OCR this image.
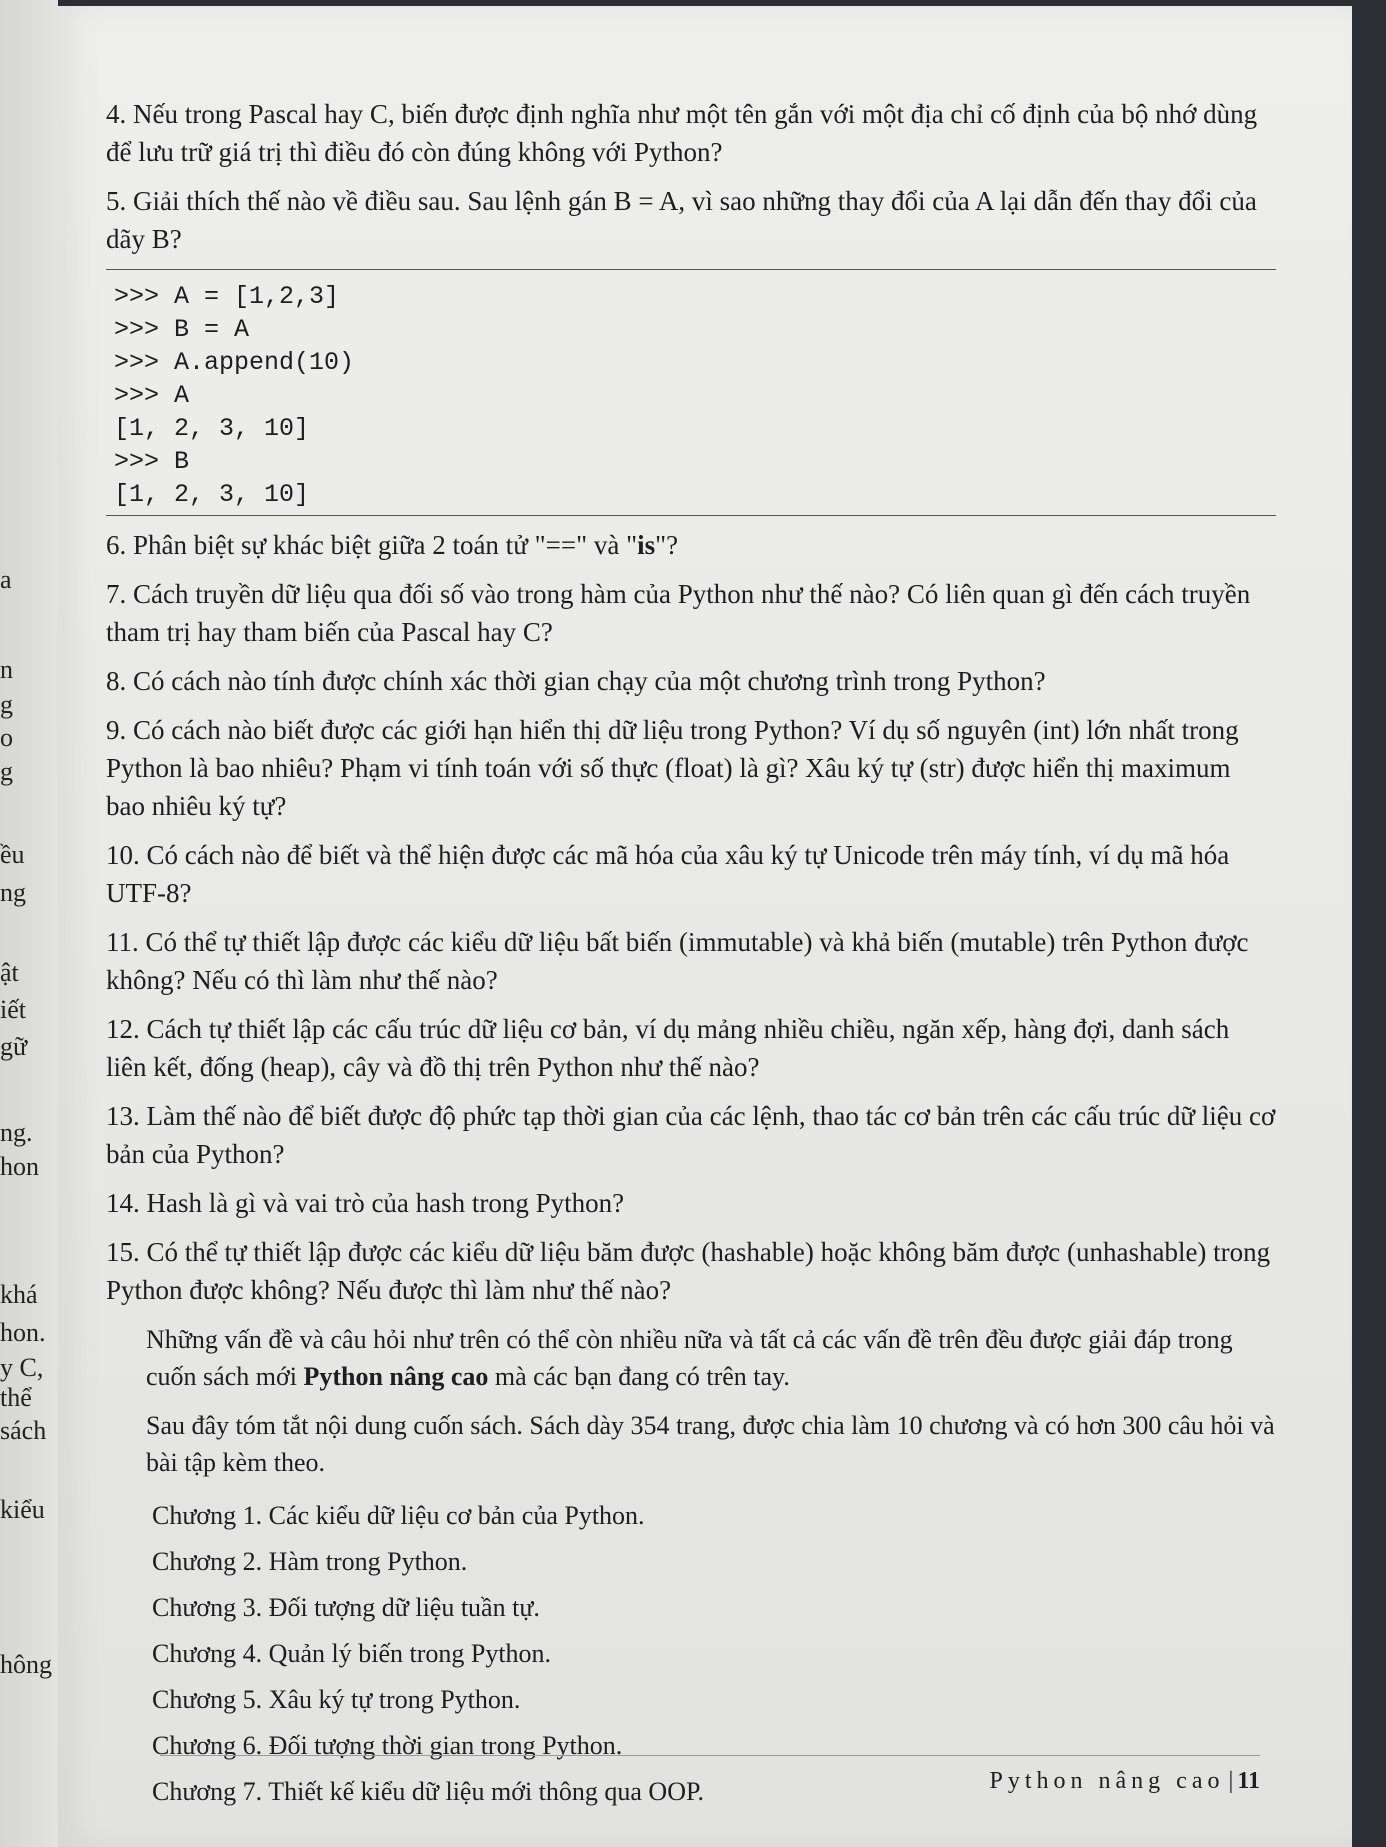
a
n
g
o
g
ều
ng
ật
iết
gữ
ng.
hon
khá
hon.
y C,
thể
sách
kiểu
hông

4. Nếu trong Pascal hay C, biến được định nghĩa như một tên gắn với một địa chỉ cố định của bộ nhớ dùng để lưu trữ giá trị thì điều đó còn đúng không với Python?

5. Giải thích thế nào về điều sau. Sau lệnh gán B = A, vì sao những thay đổi của A lại dẫn đến thay đổi của dãy B?

>>> A = [1,2,3]
>>> B = A
>>> A.append(10)
>>> A
[1, 2, 3, 10]
>>> B
[1, 2, 3, 10]

6. Phân biệt sự khác biệt giữa 2 toán tử "==" và "is"?

7. Cách truyền dữ liệu qua đối số vào trong hàm của Python như thế nào? Có liên quan gì đến cách truyền tham trị hay tham biến của Pascal hay C?

8. Có cách nào tính được chính xác thời gian chạy của một chương trình trong Python?

9. Có cách nào biết được các giới hạn hiển thị dữ liệu trong Python? Ví dụ số nguyên (int) lớn nhất trong Python là bao nhiêu? Phạm vi tính toán với số thực (float) là gì? Xâu ký tự (str) được hiển thị maximum bao nhiêu ký tự?

10. Có cách nào để biết và thể hiện được các mã hóa của xâu ký tự Unicode trên máy tính, ví dụ mã hóa UTF-8?

11. Có thể tự thiết lập được các kiểu dữ liệu bất biến (immutable) và khả biến (mutable) trên Python được không? Nếu có thì làm như thế nào?

12. Cách tự thiết lập các cấu trúc dữ liệu cơ bản, ví dụ mảng nhiều chiều, ngăn xếp, hàng đợi, danh sách liên kết, đống (heap), cây và đồ thị trên Python như thế nào?

13. Làm thế nào để biết được độ phức tạp thời gian của các lệnh, thao tác cơ bản trên các cấu trúc dữ liệu cơ bản của Python?

14. Hash là gì và vai trò của hash trong Python?

15. Có thể tự thiết lập được các kiểu dữ liệu băm được (hashable) hoặc không băm được (unhashable) trong Python được không? Nếu được thì làm như thế nào?

Những vấn đề và câu hỏi như trên có thể còn nhiều nữa và tất cả các vấn đề trên đều được giải đáp trong cuốn sách mới Python nâng cao mà các bạn đang có trên tay.

Sau đây tóm tắt nội dung cuốn sách. Sách dày 354 trang, được chia làm 10 chương và có hơn 300 câu hỏi và bài tập kèm theo.

Chương 1. Các kiểu dữ liệu cơ bản của Python.
Chương 2. Hàm trong Python.
Chương 3. Đối tượng dữ liệu tuần tự.
Chương 4. Quản lý biến trong Python.
Chương 5. Xâu ký tự trong Python.
Chương 6. Đối tượng thời gian trong Python.
Chương 7. Thiết kế kiểu dữ liệu mới thông qua OOP.	Python nâng cao | 11
